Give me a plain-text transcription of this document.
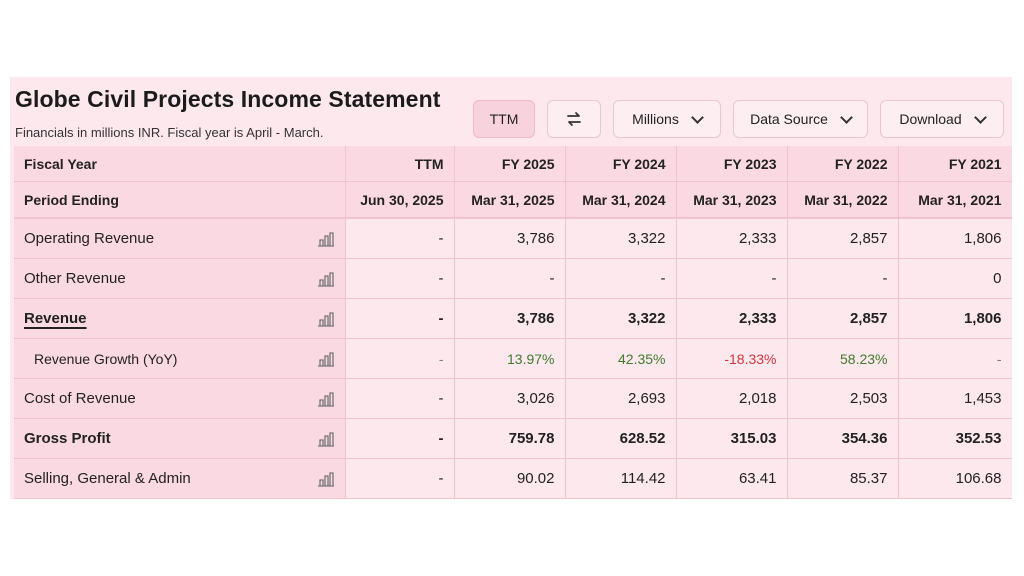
Globe Civil Projects Income Statement
Financials in millions INR. Fiscal year is April - March.
TTM	Millions	Data Source	Download
Fiscal Year	TTM	FY 2025	FY 2024	FY 2023	FY 2022	FY 2021
Period Ending	Jun 30, 2025	Mar 31, 2025	Mar 31, 2024	Mar 31, 2023	Mar 31, 2022	Mar 31, 2021

Operating Revenue	-	3,786	3,322	2,333	2,857	1,806

Other Revenue	-	-	-	-	-	0

Revenue	-	3,786	3,322	2,333	2,857	1,806

Revenue Growth (YoY)	-	13.97%	42.35%	-18.33%	58.23%	-

Cost of Revenue	-	3,026	2,693	2,018	2,503	1,453

Gross Profit	-	759.78	628.52	315.03	354.36	352.53

Selling, General & Admin	-	90.02	114.42	63.41	85.37	106.68
